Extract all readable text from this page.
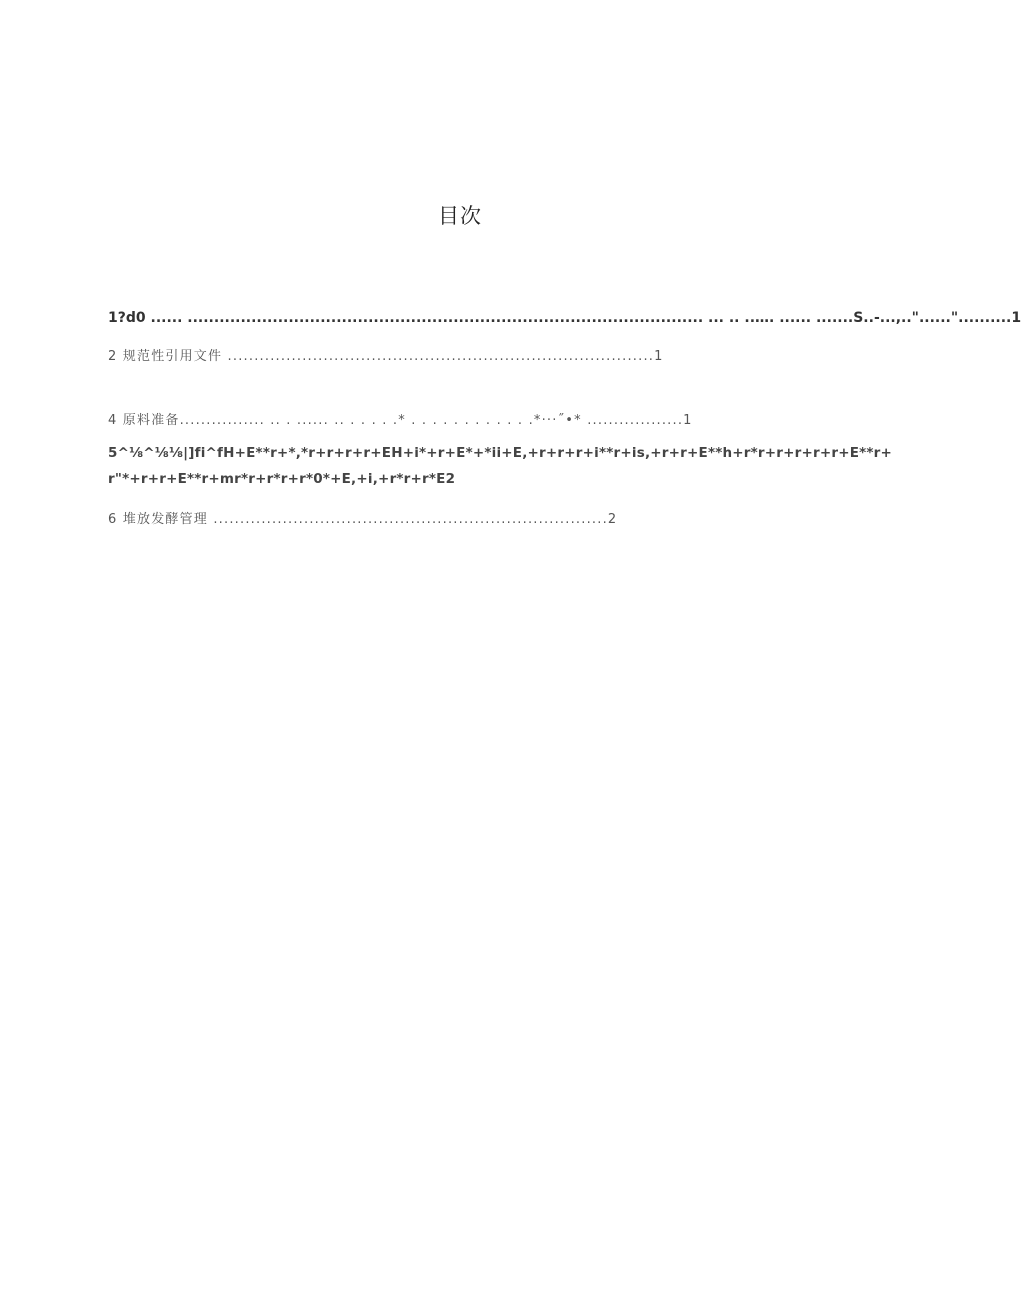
目次
1?d0 ...... ................................................................................................. ... .. ..…. ...... .......S..-...,.."......"..........1
2 规范性引用文件 ................................................................................1
4 原料准备................ .. . ...... .. . . . . .* . . . . . . . . . . . .*···˝•* ..................1
5^⅛^⅛⅛|]fi^fH+E**r+*,*r+r+r+r+EH+i*+r+E*+*ii+E,+r+r+r+i**r+is,+r+r+E**h+r*r+r+r+r+r+E**r+
r"*+r+r+E**r+mr*r+r*r+r*0*+E,+i,+r*r+r*E2
6 堆放发酵管理 ..........................................................................2
